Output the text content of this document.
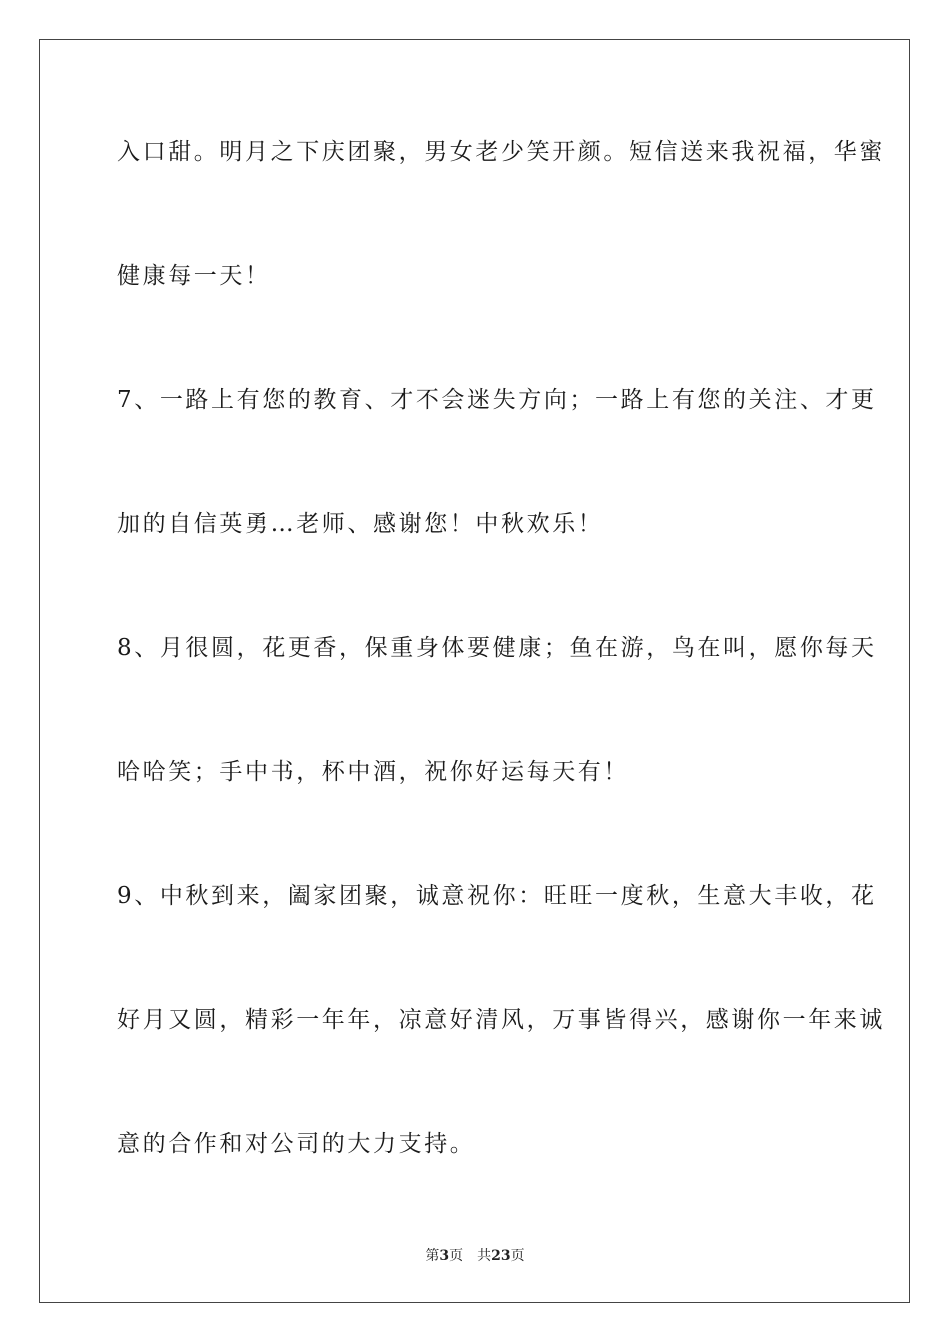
入口甜。明月之下庆团聚，男女老少笑开颜。短信送来我祝福，华蜜
健康每一天！
7、一路上有您的教育、才不会迷失方向；一路上有您的关注、才更
加的自信英勇…老师、感谢您！中秋欢乐！
8、月很圆，花更香，保重身体要健康；鱼在游，鸟在叫，愿你每天
哈哈笑；手中书，杯中酒，祝你好运每天有！
9、中秋到来，阖家团聚，诚意祝你：旺旺一度秋，生意大丰收，花
好月又圆，精彩一年年，凉意好清风，万事皆得兴，感谢你一年来诚
意的合作和对公司的大力支持。
第3页 共23页
